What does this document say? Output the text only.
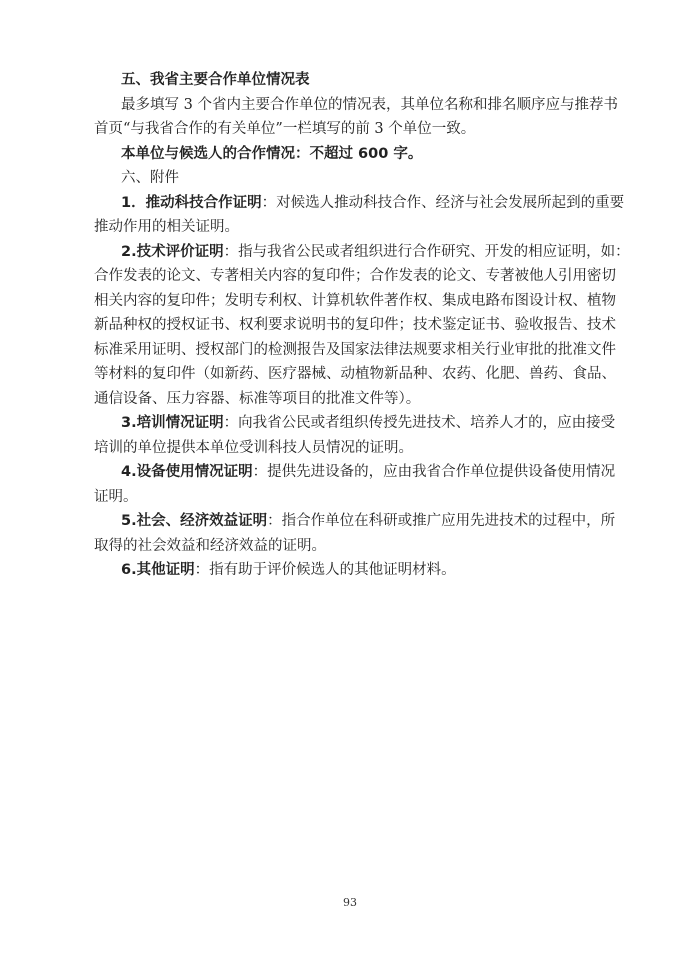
五、我省主要合作单位情况表

最多填写 3 个省内主要合作单位的情况表，其单位名称和排名顺序应与推荐书

首页“与我省合作的有关单位”一栏填写的前 3 个单位一致。

本单位与候选人的合作情况：不超过 600 字。

六、附件

1．推动科技合作证明：对候选人推动科技合作、经济与社会发展所起到的重要

推动作用的相关证明。

2.技术评价证明：指与我省公民或者组织进行合作研究、开发的相应证明，如：

合作发表的论文、专著相关内容的复印件；合作发表的论文、专著被他人引用密切

相关内容的复印件；发明专利权、计算机软件著作权、集成电路布图设计权、植物

新品种权的授权证书、权利要求说明书的复印件；技术鉴定证书、验收报告、技术

标准采用证明、授权部门的检测报告及国家法律法规要求相关行业审批的批准文件

等材料的复印件（如新药、医疗器械、动植物新品种、农药、化肥、兽药、食品、

通信设备、压力容器、标准等项目的批准文件等）。

3.培训情况证明：向我省公民或者组织传授先进技术、培养人才的，应由接受

培训的单位提供本单位受训科技人员情况的证明。

4.设备使用情况证明：提供先进设备的，应由我省合作单位提供设备使用情况

证明。

5.社会、经济效益证明：指合作单位在科研或推广应用先进技术的过程中，所

取得的社会效益和经济效益的证明。

6.其他证明：指有助于评价候选人的其他证明材料。

93
